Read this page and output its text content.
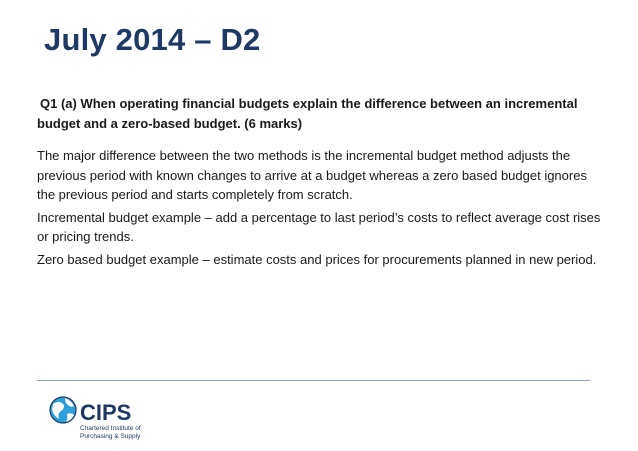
July 2014 – D2

Q1 (a) When operating financial budgets explain the difference between an incremental budget and a zero-based budget. (6 marks)

The major difference between the two methods is the incremental budget method adjusts the previous period with known changes to arrive at a budget whereas a zero based budget ignores the previous period and starts completely from scratch.

Incremental budget example – add a percentage to last period’s costs to reflect average cost rises or pricing trends.

Zero based budget example – estimate costs and prices for procurements planned in new period.

CIPS
Chartered Institute of
Purchasing & Supply
